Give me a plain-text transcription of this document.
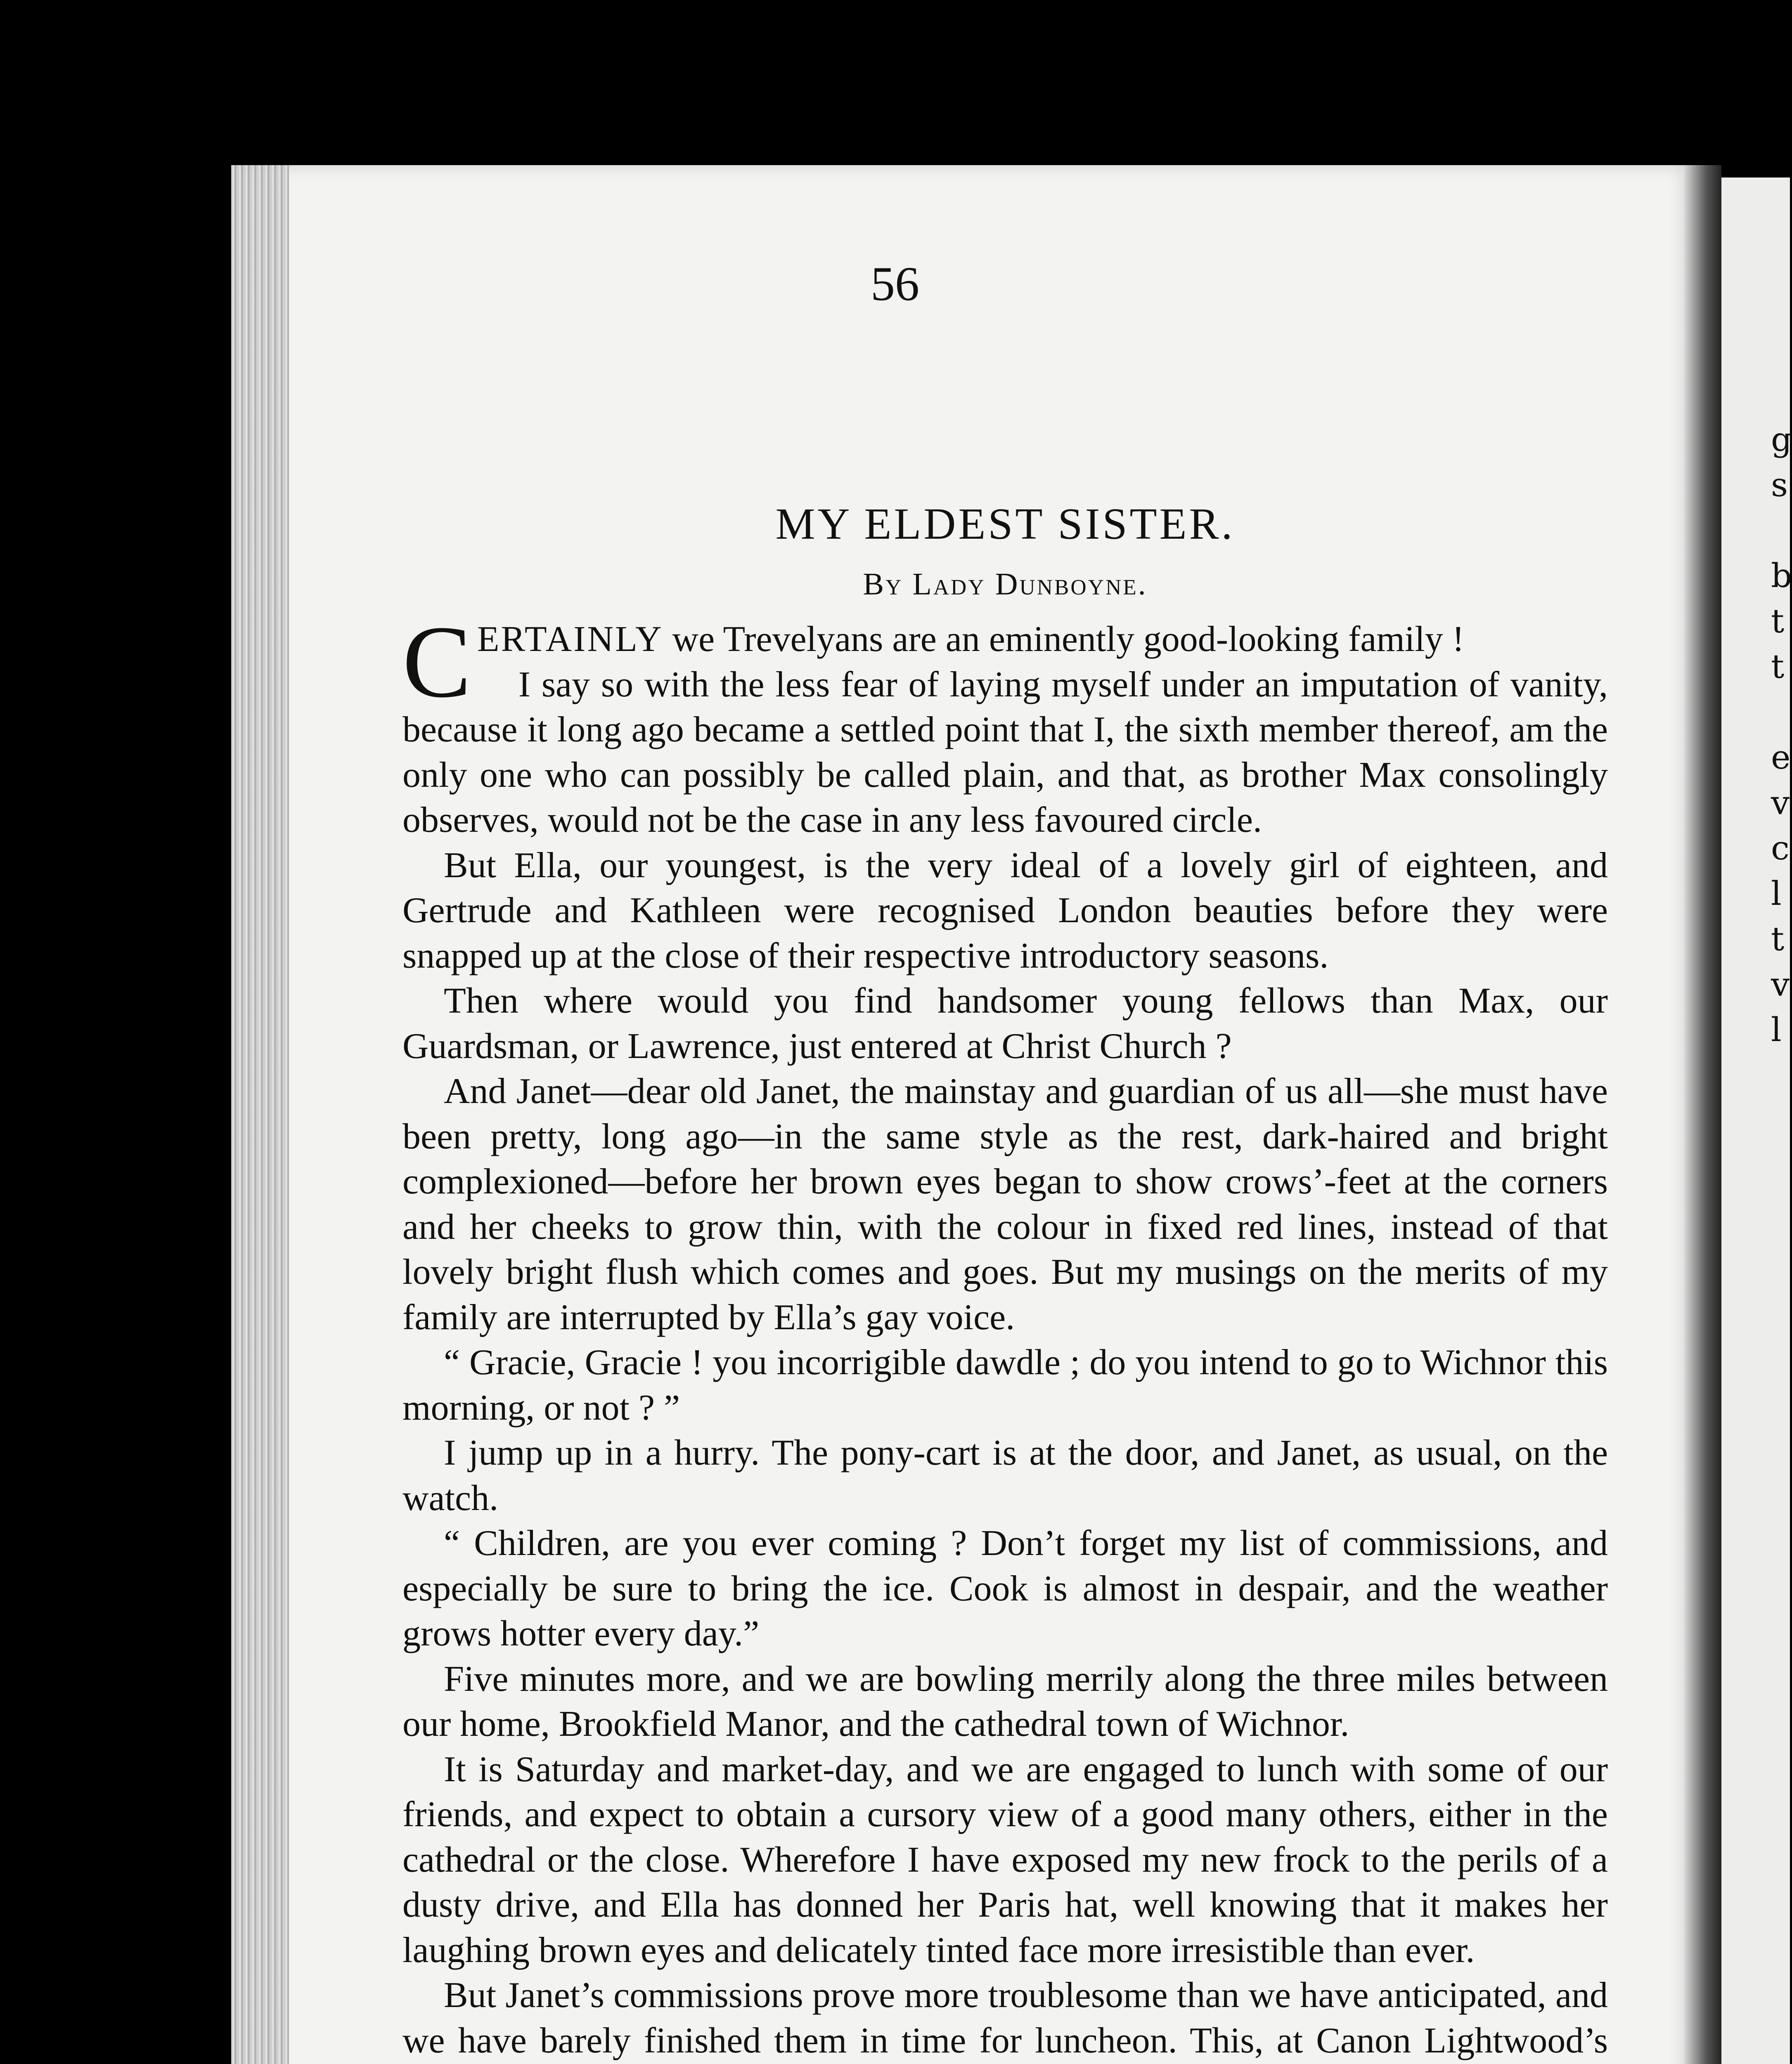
g
s

b
t
t

e
v
c
l
t
v
l
56
MY ELDEST SISTER.
By Lady Dunboyne.

CERTAINLY we Trevelyans are an eminently good-looking family !

I say so with the less fear of laying myself under an imputation of vanity, because it long ago became a settled point that I, the sixth member thereof, am the only one who can possibly be called plain, and that, as brother Max consolingly observes, would not be the case in any less favoured circle.

But Ella, our youngest, is the very ideal of a lovely girl of eighteen, and Gertrude and Kathleen were recognised London beauties before they were snapped up at the close of their respective introductory seasons.

Then where would you find handsomer young fellows than Max, our Guardsman, or Lawrence, just entered at Christ Church ?

And Janet—dear old Janet, the mainstay and guardian of us all—she must have been pretty, long ago—in the same style as the rest, dark-haired and bright complexioned—before her brown eyes began to show crows’-feet at the corners and her cheeks to grow thin, with the colour in fixed red lines, instead of that lovely bright flush which comes and goes. But my musings on the merits of my family are interrupted by Ella’s gay voice.

“ Gracie, Gracie ! you incorrigible dawdle ; do you intend to go to Wichnor this morning, or not ? ”

I jump up in a hurry. The pony-cart is at the door, and Janet, as usual, on the watch.

“ Children, are you ever coming ? Don’t forget my list of commissions, and especially be sure to bring the ice. Cook is almost in despair, and the weather grows hotter every day.”

Five minutes more, and we are bowling merrily along the three miles between our home, Brookfield Manor, and the cathedral town of Wichnor.

It is Saturday and market-day, and we are engaged to lunch with some of our friends, and expect to obtain a cursory view of a good many others, either in the cathedral or the close. Wherefore I have exposed my new frock to the perils of a dusty drive, and Ella has donned her Paris hat, well knowing that it makes her laughing brown eyes and delicately tinted face more irresistible than ever.

But Janet’s commissions prove more troublesome than we have anticipated, and we have barely finished them in time for luncheon. This, at Canon Lightwood’s
